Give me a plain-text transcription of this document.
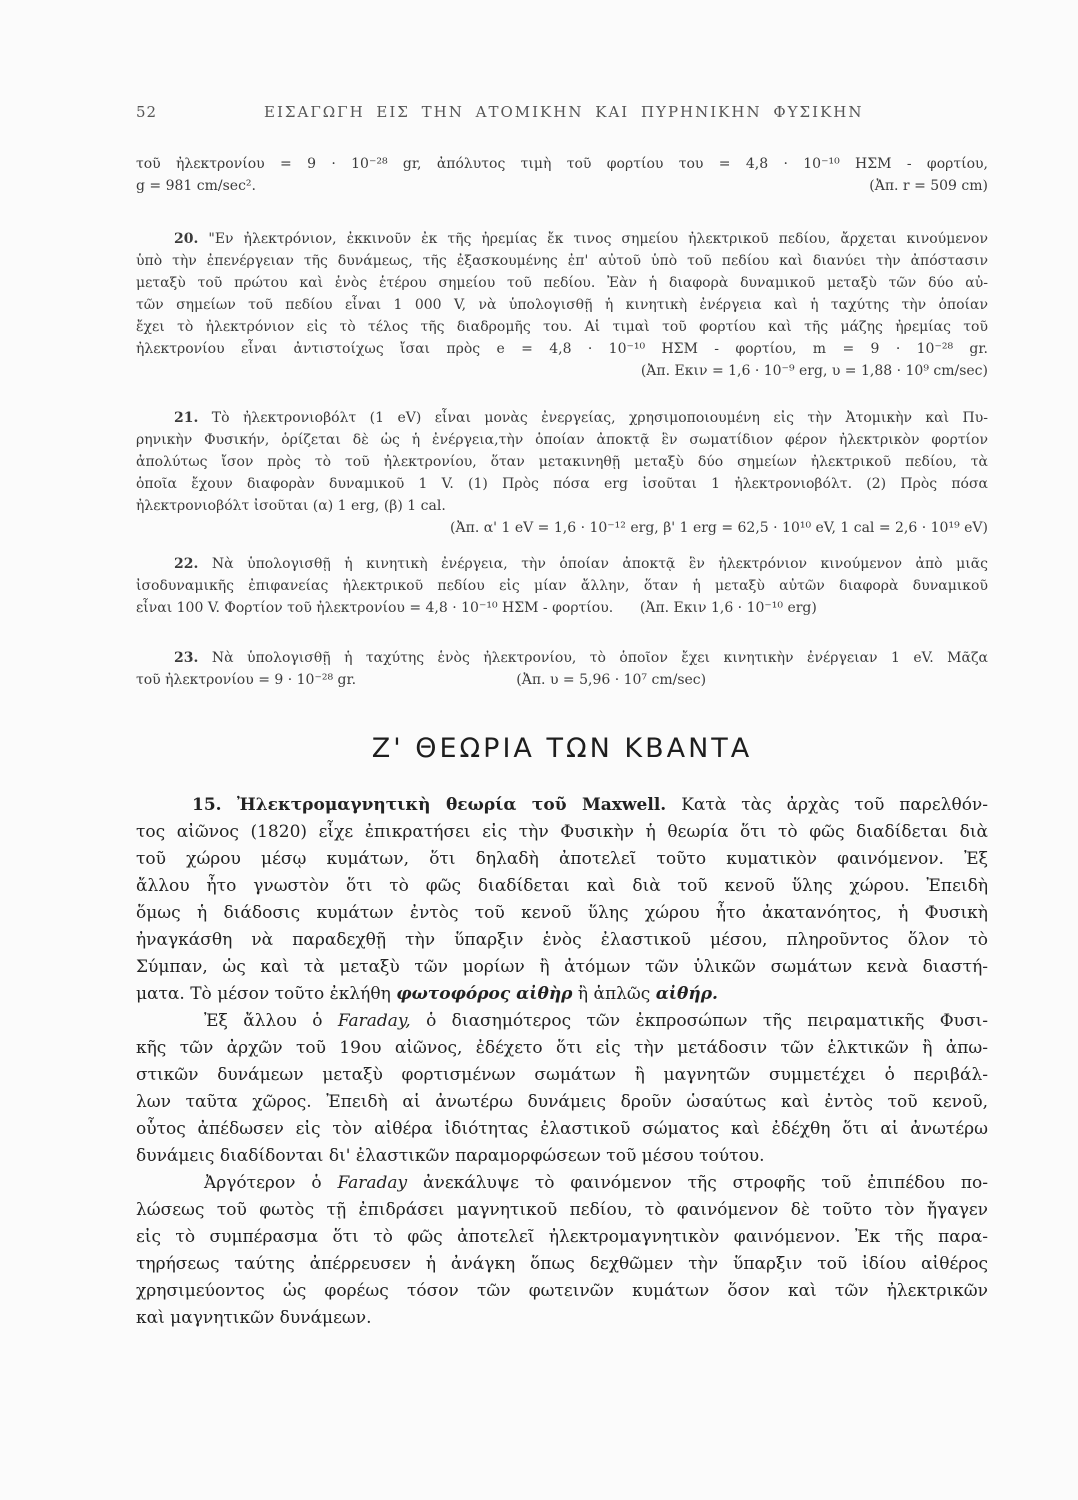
52	ΕΙΣΑΓΩΓΗ ΕΙΣ ΤΗΝ ΑΤΟΜΙΚΗΝ ΚΑΙ ΠΥΡΗΝΙΚΗΝ ΦΥΣΙΚΗΝ
τοῦ ἠλεκτρονίου = 9 · 10⁻²⁸ gr, ἀπόλυτος τιμὴ τοῦ φορτίου του = 4,8 · 10⁻¹⁰ ΗΣΜ - φορτίου,
g = 981 cm/sec².	(Ἀπ. r = 509 cm)
20. "Εν ἠλεκτρόνιον, ἐκκινοῦν ἐκ τῆς ἠρεμίας ἔκ τινος σημείου ἠλεκτρικοῦ πεδίου, ἄρχεται κινούμενον
ὑπὸ τὴν ἐπενέργειαν τῆς δυνάμεως, τῆς ἐξασκουμένης ἐπ' αὐτοῦ ὑπὸ τοῦ πεδίου καὶ διανύει τὴν ἀπόστασιν
μεταξὺ τοῦ πρώτου καὶ ἑνὸς ἑτέρου σημείου τοῦ πεδίου. Ἐὰν ἡ διαφορὰ δυναμικοῦ μεταξὺ τῶν δύο αὐ-
τῶν σημείων τοῦ πεδίου εἶναι 1 000 V, νὰ ὑπολογισθῇ ἡ κινητικὴ ἐνέργεια καὶ ἡ ταχύτης τὴν ὁποίαν
ἔχει τὸ ἠλεκτρόνιον εἰς τὸ τέλος τῆς διαδρομῆς του. Αἱ τιμαὶ τοῦ φορτίου καὶ τῆς μάζης ἠρεμίας τοῦ
ἠλεκτρονίου εἶναι ἀντιστοίχως ἴσαι πρὸς e = 4,8 · 10⁻¹⁰ ΗΣΜ - φορτίου, m = 9 · 10⁻²⁸ gr.
(Ἀπ. Eκιν = 1,6 · 10⁻⁹ erg, υ = 1,88 · 10⁹ cm/sec)
21. Τὸ ἠλεκτρονιοβόλτ (1 eV) εἶναι μονὰς ἐνεργείας, χρησιμοποιουμένη εἰς τὴν Ἀτομικὴν καὶ Πυ-
ρηνικὴν Φυσικήν, ὁρίζεται δὲ ὡς ἡ ἐνέργεια,τὴν ὁποίαν ἀποκτᾷ ἓν σωματίδιον φέρον ἠλεκτρικὸν φορτίον
ἀπολύτως ἴσον πρὸς τὸ τοῦ ἠλεκτρονίου, ὅταν μετακινηθῇ μεταξὺ δύο σημείων ἠλεκτρικοῦ πεδίου, τὰ
ὁποῖα ἔχουν διαφορὰν δυναμικοῦ 1 V. (1) Πρὸς πόσα erg ἰσοῦται 1 ἠλεκτρονιοβόλτ. (2) Πρὸς πόσα
ἠλεκτρονιοβόλτ ἰσοῦται (α) 1 erg, (β) 1 cal.
(Ἀπ. α' 1 eV = 1,6 · 10⁻¹² erg, β' 1 erg = 62,5 · 10¹⁰ eV, 1 cal = 2,6 · 10¹⁹ eV)
22. Νὰ ὑπολογισθῇ ἡ κινητικὴ ἐνέργεια, τὴν ὁποίαν ἀποκτᾷ ἓν ἠλεκτρόνιον κινούμενον ἀπὸ μιᾶς
ἰσοδυναμικῆς ἐπιφανείας ἠλεκτρικοῦ πεδίου εἰς μίαν ἄλλην, ὅταν ἡ μεταξὺ αὐτῶν διαφορὰ δυναμικοῦ
εἶναι 100 V. Φορτίον τοῦ ἠλεκτρονίου = 4,8 · 10⁻¹⁰ ΗΣΜ - φορτίου.      (Ἀπ. Eκιν 1,6 · 10⁻¹⁰ erg)
23. Νὰ ὑπολογισθῇ ἡ ταχύτης ἑνὸς ἠλεκτρονίου, τὸ ὁποῖον ἔχει κινητικὴν ἐνέργειαν 1 eV. Μᾶζα
τοῦ ἠλεκτρονίου = 9 · 10⁻²⁸ gr.                                    (Ἀπ. υ = 5,96 · 10⁷ cm/sec)
Ζ' ΘΕΩΡΙΑ ΤΩΝ ΚΒΑΝΤΑ
15. Ἠλεκτρομαγνητικὴ θεωρία τοῦ Maxwell. Κατὰ τὰς ἀρχὰς τοῦ παρελθόν-
τος αἰῶνος (1820) εἶχε ἐπικρατήσει εἰς τὴν Φυσικὴν ἡ θεωρία ὅτι τὸ φῶς διαδίδεται διὰ
τοῦ χώρου μέσῳ κυμάτων, ὅτι δηλαδὴ ἀποτελεῖ τοῦτο κυματικὸν φαινόμενον. Ἐξ
ἄλλου ἦτο γνωστὸν ὅτι τὸ φῶς διαδίδεται καὶ διὰ τοῦ κενοῦ ὕλης χώρου. Ἐπειδὴ
ὅμως ἡ διάδοσις κυμάτων ἐντὸς τοῦ κενοῦ ὕλης χώρου ἦτο ἀκατανόητος, ἡ Φυσικὴ
ἠναγκάσθη νὰ παραδεχθῇ τὴν ὕπαρξιν ἑνὸς ἐλαστικοῦ μέσου, πληροῦντος ὅλον τὸ
Σύμπαν, ὡς καὶ τὰ μεταξὺ τῶν μορίων ἢ ἀτόμων τῶν ὑλικῶν σωμάτων κενὰ διαστή-
ματα. Τὸ μέσον τοῦτο ἐκλήθη φωτοφόρος αἰθὴρ ἢ ἁπλῶς αἰθήρ.
Ἐξ ἄλλου ὁ Faraday, ὁ διασημότερος τῶν ἐκπροσώπων τῆς πειραματικῆς Φυσι-
κῆς τῶν ἀρχῶν τοῦ 19ου αἰῶνος, ἐδέχετο ὅτι εἰς τὴν μετάδοσιν τῶν ἑλκτικῶν ἢ ἀπω-
στικῶν δυνάμεων μεταξὺ φορτισμένων σωμάτων ἢ μαγνητῶν συμμετέχει ὁ περιβάλ-
λων ταῦτα χῶρος. Ἐπειδὴ αἱ ἀνωτέρω δυνάμεις δροῦν ὡσαύτως καὶ ἐντὸς τοῦ κενοῦ,
οὗτος ἀπέδωσεν εἰς τὸν αἰθέρα ἰδιότητας ἐλαστικοῦ σώματος καὶ ἐδέχθη ὅτι αἱ ἀνωτέρω
δυνάμεις διαδίδονται δι' ἐλαστικῶν παραμορφώσεων τοῦ μέσου τούτου.
Ἀργότερον ὁ Faraday ἀνεκάλυψε τὸ φαινόμενον τῆς στροφῆς τοῦ ἐπιπέδου πο-
λώσεως τοῦ φωτὸς τῇ ἐπιδράσει μαγνητικοῦ πεδίου, τὸ φαινόμενον δὲ τοῦτο τὸν ἤγαγεν
εἰς τὸ συμπέρασμα ὅτι τὸ φῶς ἀποτελεῖ ἠλεκτρομαγνητικὸν φαινόμενον. Ἐκ τῆς παρα-
τηρήσεως ταύτης ἀπέρρευσεν ἡ ἀνάγκη ὅπως δεχθῶμεν τὴν ὕπαρξιν τοῦ ἰδίου αἰθέρος
χρησιμεύοντος ὡς φορέως τόσον τῶν φωτεινῶν κυμάτων ὅσον καὶ τῶν ἠλεκτρικῶν
καὶ μαγνητικῶν δυνάμεων.
